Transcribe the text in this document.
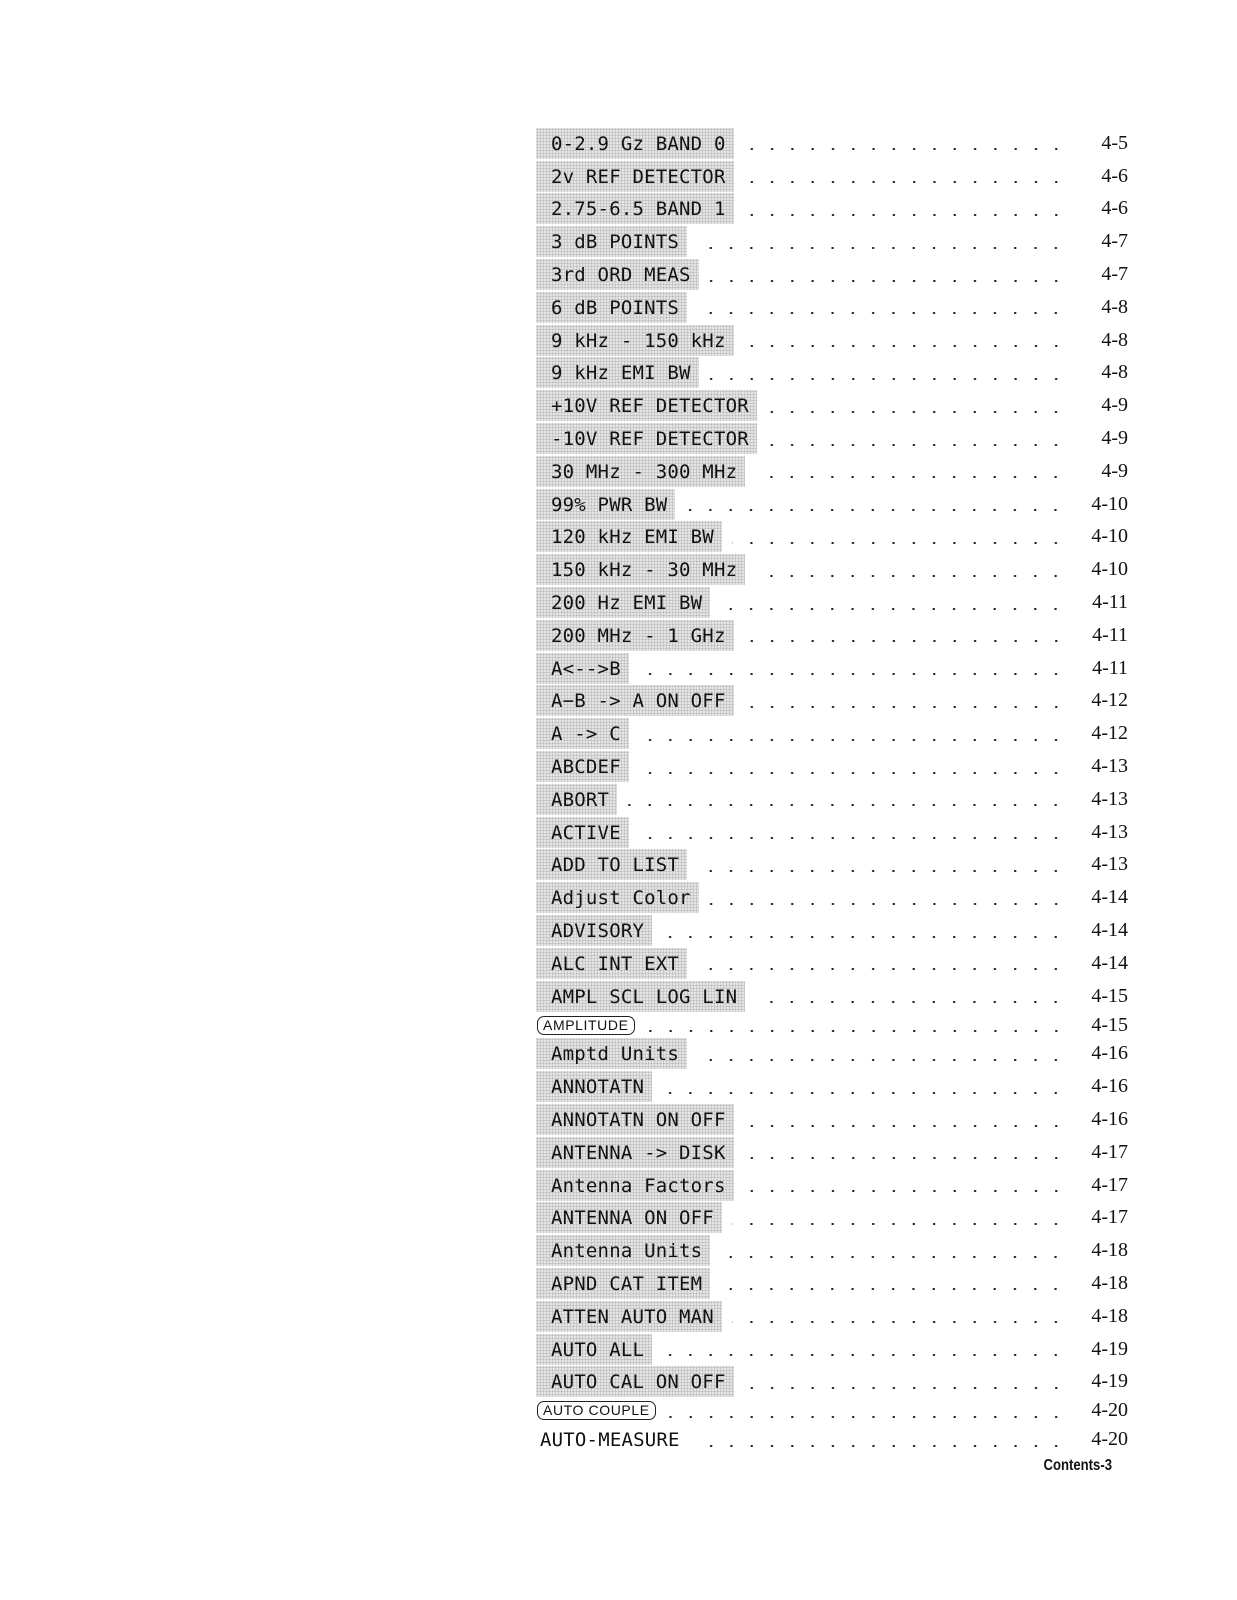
0-2.9 Gz BAND 0	4-5
2v REF DETECTOR	4-6
2.75-6.5 BAND 1	4-6
3 dB POINTS	4-7
3rd ORD MEAS	4-7
6 dB POINTS	4-8
9 kHz - 150 kHz	4-8
9 kHz EMI BW	4-8
+10V REF DETECTOR	4-9
-10V REF DETECTOR	4-9
30 MHz - 300 MHz	4-9
99% PWR BW	4-10
120 kHz EMI BW	4-10
150 kHz - 30 MHz	4-10
200 Hz EMI BW	4-11
200 MHz - 1 GHz	4-11
A<-->B	4-11
A−B -> A ON OFF	4-12
A -> C	4-12
ABCDEF	4-13
ABORT	4-13
ACTIVE	4-13
ADD TO LIST	4-13
Adjust Color	4-14
ADVISORY	4-14
ALC INT EXT	4-14
AMPL SCL LOG LIN	4-15
AMPLITUDE	4-15
Amptd Units	4-16
ANNOTATN	4-16
ANNOTATN ON OFF	4-16
ANTENNA -> DISK	4-17
Antenna Factors	4-17
ANTENNA ON OFF	4-17
Antenna Units	4-18
APND CAT ITEM	4-18
ATTEN AUTO MAN	4-18
AUTO ALL	4-19
AUTO CAL ON OFF	4-19
AUTO COUPLE	4-20
AUTO-MEASURE	4-20
Contents-3
